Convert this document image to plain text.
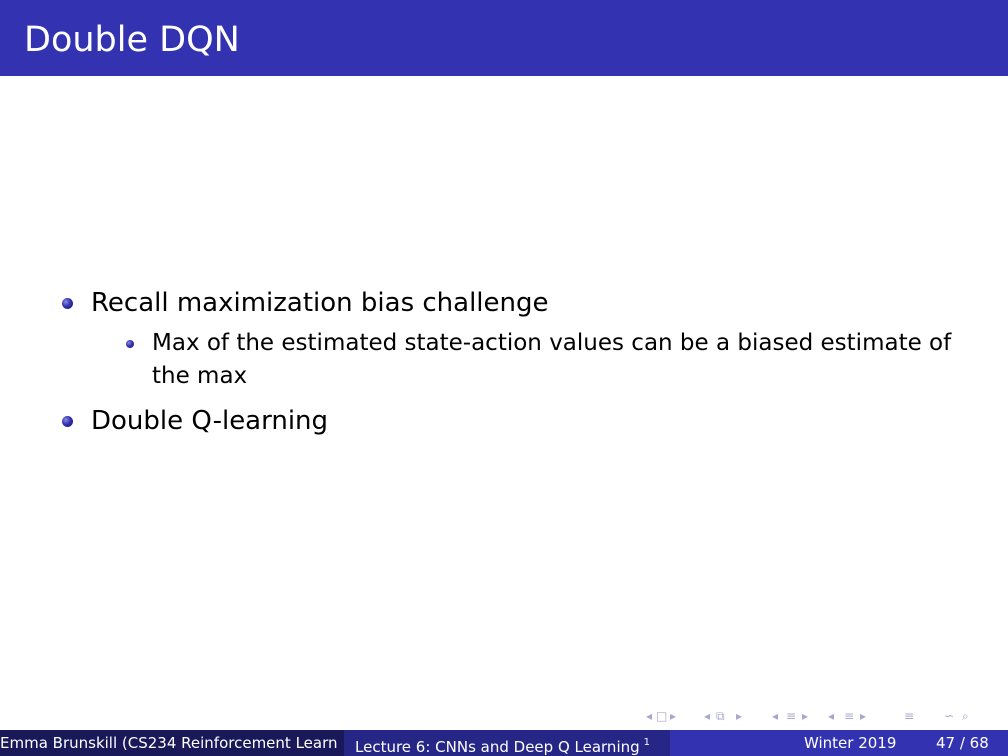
Double DQN
Recall maximization bias challenge
Max of the estimated state-action values can be a biased estimate of
the max
Double Q-learning
◂ □ ▸ ◂ ⧉ ▸ ◂ ≡ ▸ ◂ ≡ ▸	≡ ∽ ⌕
Emma Brunskill (CS234 Reinforcement Learn	Lecture 6: CNNs and Deep Q Learning $^1$	Winter 2019	47 / 68
